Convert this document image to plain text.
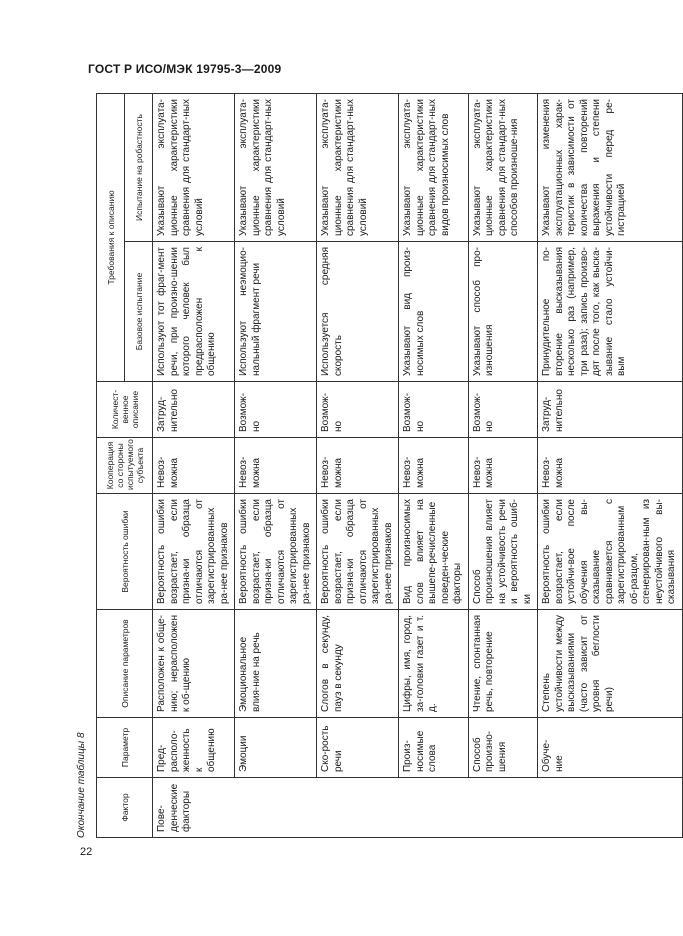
ГОСТ Р ИСО/МЭК 19795-3—2009
Окончание таблицы 8	Фактор	Параметр	Описание параметров	Вероятность ошибки	Кооперация со стороны испытуемого субъекта	Количест-венное описание	Требования к описанию	
						Базовое испытание	Испытание на робастность
Пове-денческие факторы	Пред-располо-женность к общению	Расположен к обще-нию; нерасположен к об-щению	Вероятность ошибки возрастает, если призна-ки образца отличаются от зарегистрированных ра-нее признаков	Невоз-можна	Затруд-нительно	Используют тот фраг-мент речи, при произно-шении которого человек был предрасположен к общению	Указывают эксплуата-ционные характеристики сравнения для стандарт-ных условий
	Эмоции	Эмоциональное влия-ние на речь	Вероятность ошибки возрастает, если призна-ки образца отличаются от зарегистрированных ра-нее признаков	Невоз-можна	Возмож-но	Используют неэмоцио-нальный фрагмент речи	Указывают эксплуата-ционные характеристики сравнения для стандарт-ных условий
	Ско-рость речи	Слогов в секунду, пауз в секунду	Вероятность ошибки возрастает, если призна-ки образца отличаются от зарегистрированных ра-нее признаков	Невоз-можна	Возмож-но	Используется средняя скорость	Указывают эксплуата-ционные характеристики сравнения для стандарт-ных условий
	Произ-носимые слова	Цифры, имя, город, за-головки газет и т. д.	Вид произносимых слов влияет на вышепе-речисленные поведен-ческие факторы	Невоз-можна	Возмож-но	Указывают вид произ-носимых слов	Указывают эксплуата-ционные характеристики сравнения для стандарт-ных видов произносимых слов
	Способ произно-шения	Чтение, спонтанная речь, повторение	Способ произношения влияет на устойчивость речи и вероятность ошиб-ки	Невоз-можна	Возмож-но	Указывают способ про-изношения	Указывают эксплуата-ционные характеристики сравнения для стандарт-ных способов произноше-ния
	Обуче-ние	Степень устойчивости между высказываниями (часто зависит от уровня беглости речи)	Вероятность ошибки возрастает, если устойчи-вое после обучения вы-сказывание сравнивается с зарегистрированным об-разцом, сгенерирован-ным из неустойчивого вы-сказывания	Невоз-можна	Затруд-нительно	Принудительное по-вторение высказывания несколько раз (например, три раза); запись произво-дят после того, как выска-зывание стало устойчи-вым	Указывают изменения эксплуатационных харак-теристик в зависимости от количества повторений выражения и степени устойчивости перед ре-гистрацией
22
